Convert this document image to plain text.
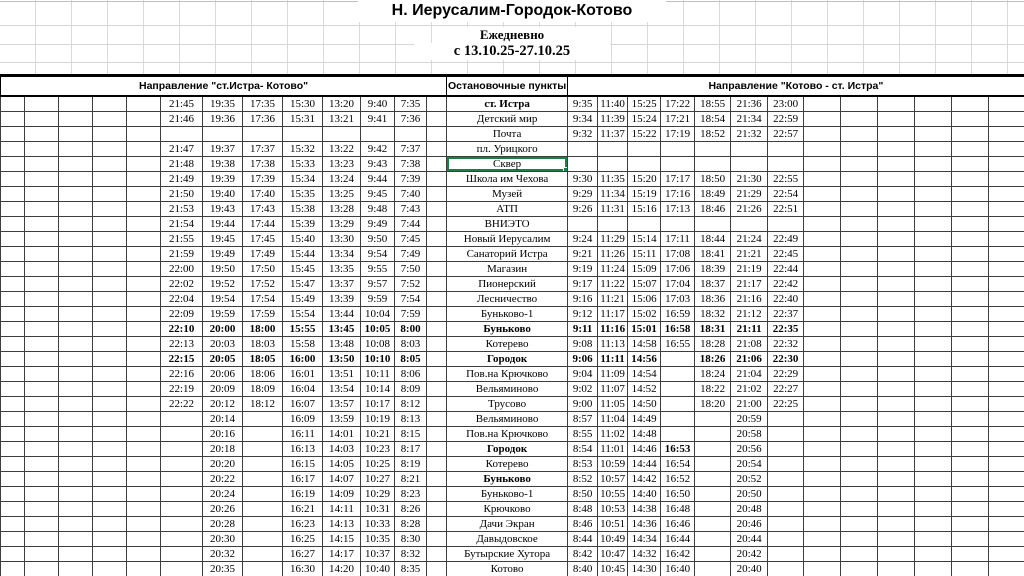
Н. Иерусалим-Городок-Котово
Ежедневно
с 13.10.25-27.10.25
Направление "ст.Истра- Котово"													Остановочные пункты	Направление "Котово - ст. Истра"												
					21:45	19:35	17:35	15:30	13:20	9:40	7:35		ст. Истра	9:35	11:40	15:25	17:22	18:55	21:36	23:00						
					21:46	19:36	17:36	15:31	13:21	9:41	7:36		Детский мир	9:34	11:39	15:24	17:21	18:54	21:34	22:59						
													Почта	9:32	11:37	15:22	17:19	18:52	21:32	22:57						
					21:47	19:37	17:37	15:32	13:22	9:42	7:37		пл. Урицкого													
					21:48	19:38	17:38	15:33	13:23	9:43	7:38		Сквер													
					21:49	19:39	17:39	15:34	13:24	9:44	7:39		Школа им Чехова	9:30	11:35	15:20	17:17	18:50	21:30	22:55						
					21:50	19:40	17:40	15:35	13:25	9:45	7:40		Музей	9:29	11:34	15:19	17:16	18:49	21:29	22:54						
					21:53	19:43	17:43	15:38	13:28	9:48	7:43		АТП	9:26	11:31	15:16	17:13	18:46	21:26	22:51						
					21:54	19:44	17:44	15:39	13:29	9:49	7:44		ВНИЭТО													
					21:55	19:45	17:45	15:40	13:30	9:50	7:45		Новый Иерусалим	9:24	11:29	15:14	17:11	18:44	21:24	22:49						
					21:59	19:49	17:49	15:44	13:34	9:54	7:49		Санаторий Истра	9:21	11:26	15:11	17:08	18:41	21:21	22:45						
					22:00	19:50	17:50	15:45	13:35	9:55	7:50		Магазин	9:19	11:24	15:09	17:06	18:39	21:19	22:44						
					22:02	19:52	17:52	15:47	13:37	9:57	7:52		Пионерский	9:17	11:22	15:07	17:04	18:37	21:17	22:42						
					22:04	19:54	17:54	15:49	13:39	9:59	7:54		Лесничество	9:16	11:21	15:06	17:03	18:36	21:16	22:40						
					22:09	19:59	17:59	15:54	13:44	10:04	7:59		Буньково-1	9:12	11:17	15:02	16:59	18:32	21:12	22:37						
					22:10	20:00	18:00	15:55	13:45	10:05	8:00		Буньково	9:11	11:16	15:01	16:58	18:31	21:11	22:35						
					22:13	20:03	18:03	15:58	13:48	10:08	8:03		Котерево	9:08	11:13	14:58	16:55	18:28	21:08	22:32						
					22:15	20:05	18:05	16:00	13:50	10:10	8:05		Городок	9:06	11:11	14:56		18:26	21:06	22:30						
					22:16	20:06	18:06	16:01	13:51	10:11	8:06		Пов.на Крючково	9:04	11:09	14:54		18:24	21:04	22:29						
					22:19	20:09	18:09	16:04	13:54	10:14	8:09		Вельяминово	9:02	11:07	14:52		18:22	21:02	22:27						
					22:22	20:12	18:12	16:07	13:57	10:17	8:12		Трусово	9:00	11:05	14:50		18:20	21:00	22:25						
						20:14		16:09	13:59	10:19	8:13		Вельяминово	8:57	11:04	14:49			20:59							
						20:16		16:11	14:01	10:21	8:15		Пов.на Крючково	8:55	11:02	14:48			20:58							
						20:18		16:13	14:03	10:23	8:17		Городок	8:54	11:01	14:46	16:53		20:56							
						20:20		16:15	14:05	10:25	8:19		Котерево	8:53	10:59	14:44	16:54		20:54							
						20:22		16:17	14:07	10:27	8:21		Буньково	8:52	10:57	14:42	16:52		20:52							
						20:24		16:19	14:09	10:29	8:23		Буньково-1	8:50	10:55	14:40	16:50		20:50							
						20:26		16:21	14:11	10:31	8:26		Крючково	8:48	10:53	14:38	16:48		20:48							
						20:28		16:23	14:13	10:33	8:28		Дачи Экран	8:46	10:51	14:36	16:46		20:46							
						20:30		16:25	14:15	10:35	8:30		Давыдовское	8:44	10:49	14:34	16:44		20:44							
						20:32		16:27	14:17	10:37	8:32		Бутырские Хутора	8:42	10:47	14:32	16:42		20:42							
						20:35		16:30	14:20	10:40	8:35		Котово	8:40	10:45	14:30	16:40		20:40							
